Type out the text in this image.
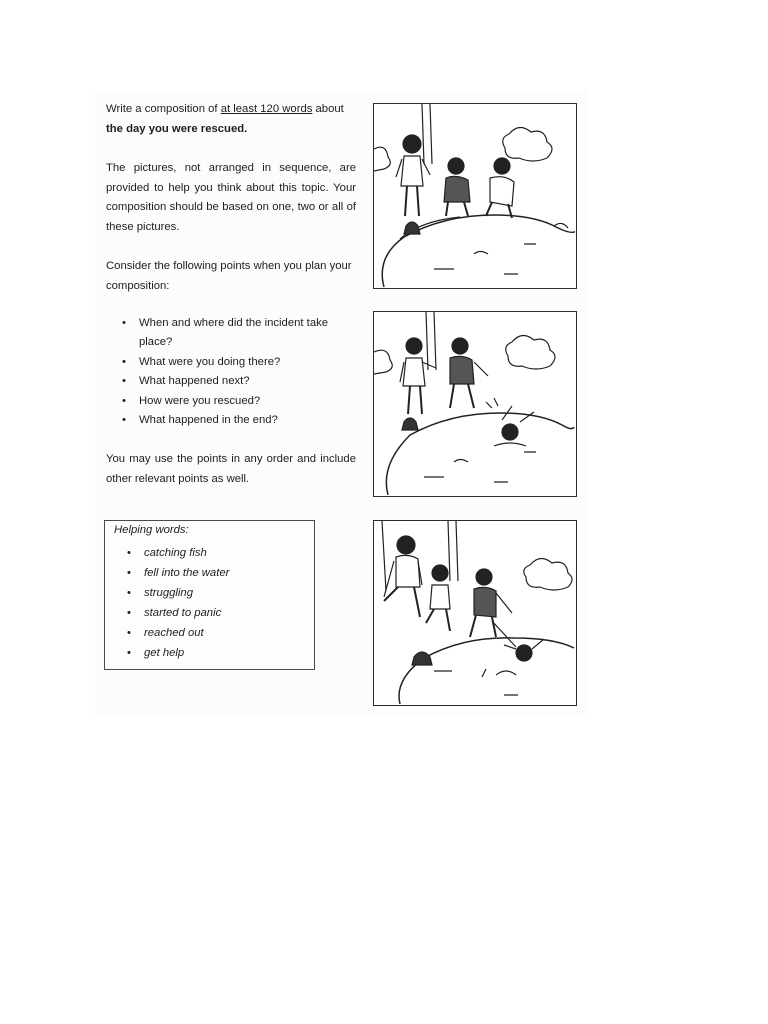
Write a composition of at least 120 words about
the day you were rescued.
The pictures, not arranged in sequence, are provided to help you think about this topic. Your composition should be based on one, two or all of these pictures.
Consider the following points when you plan your composition:
• When and where did the incident take place?
• What were you doing there?
• What happened next?
• How were you rescued?
• What happened in the end?
You may use the points in any order and include other relevant points as well.
Helping words:
• catching fish
• fell into the water
• struggling
• started to panic
• reached out
• get help
